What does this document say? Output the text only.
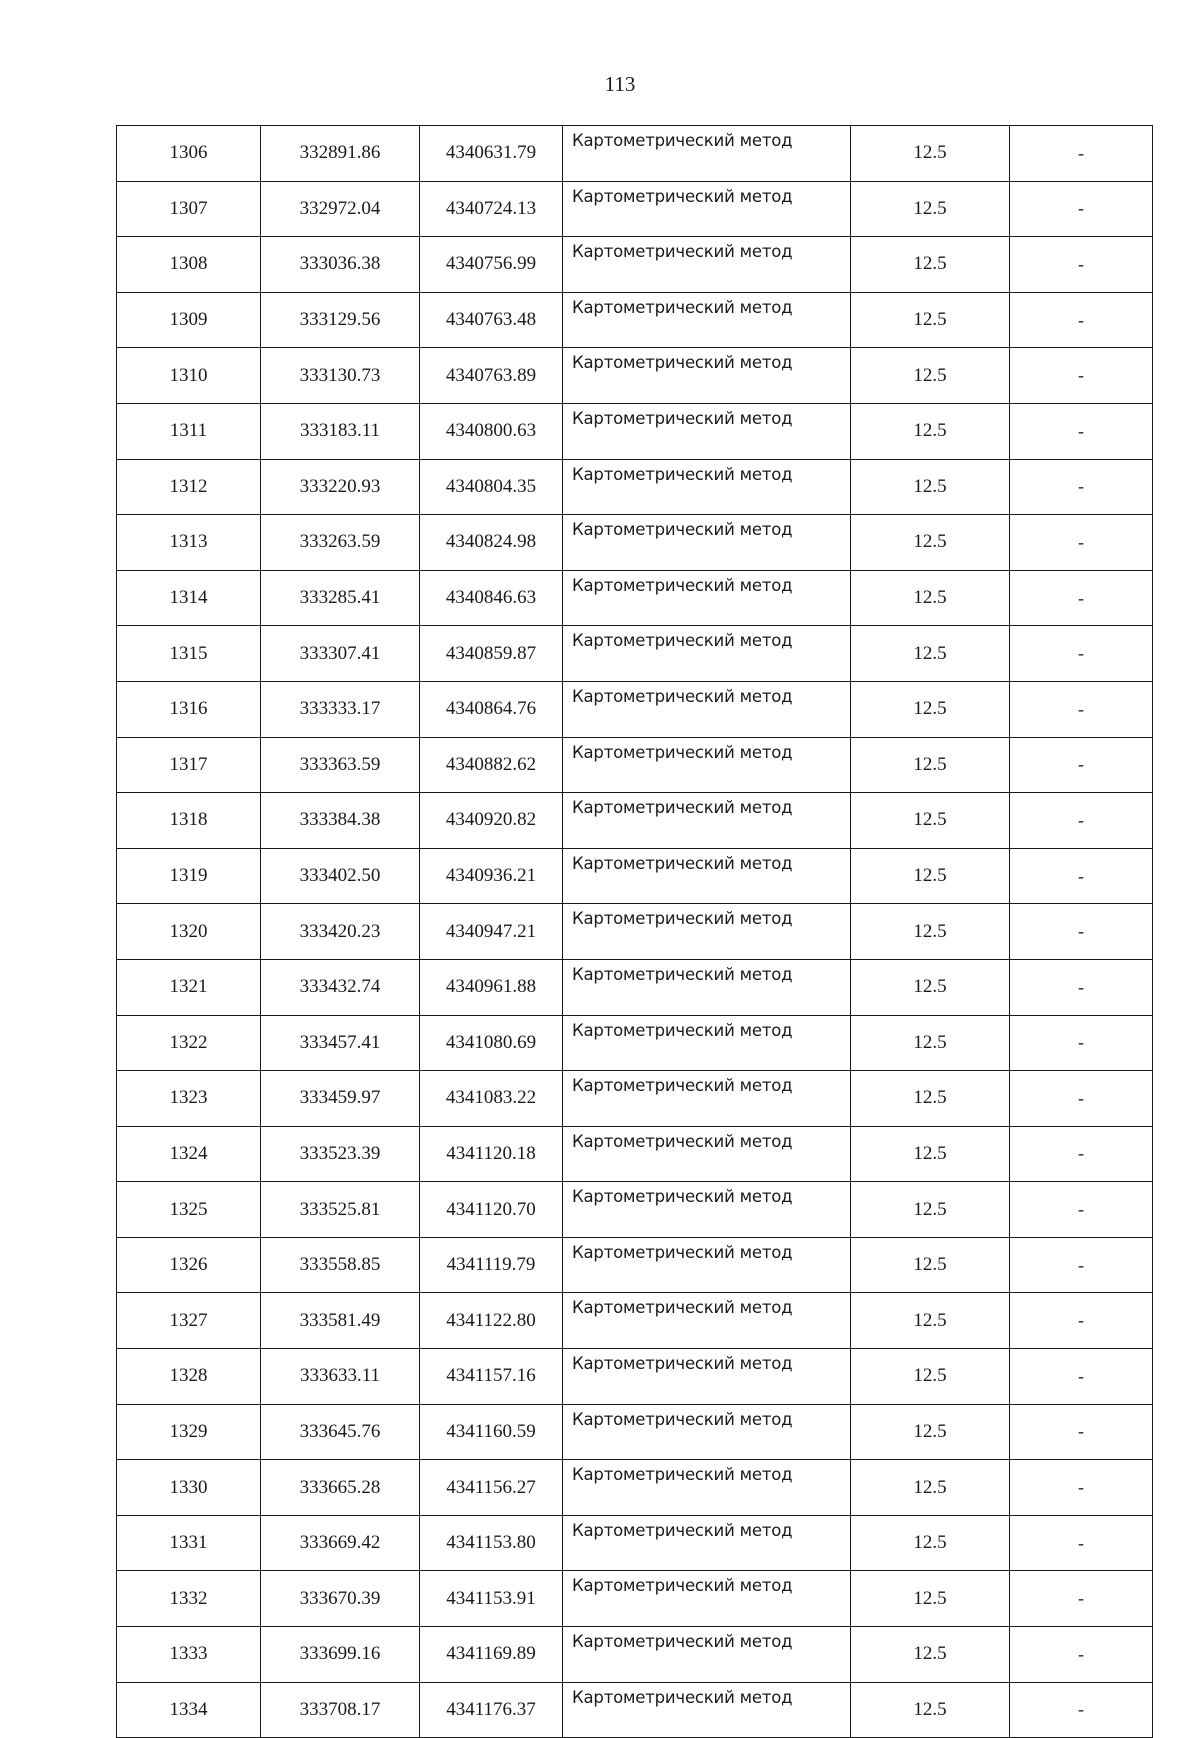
113
1306	332891.86	4340631.79	Картометрический метод	12.5	-
1307	332972.04	4340724.13	Картометрический метод	12.5	-
1308	333036.38	4340756.99	Картометрический метод	12.5	-
1309	333129.56	4340763.48	Картометрический метод	12.5	-
1310	333130.73	4340763.89	Картометрический метод	12.5	-
1311	333183.11	4340800.63	Картометрический метод	12.5	-
1312	333220.93	4340804.35	Картометрический метод	12.5	-
1313	333263.59	4340824.98	Картометрический метод	12.5	-
1314	333285.41	4340846.63	Картометрический метод	12.5	-
1315	333307.41	4340859.87	Картометрический метод	12.5	-
1316	333333.17	4340864.76	Картометрический метод	12.5	-
1317	333363.59	4340882.62	Картометрический метод	12.5	-
1318	333384.38	4340920.82	Картометрический метод	12.5	-
1319	333402.50	4340936.21	Картометрический метод	12.5	-
1320	333420.23	4340947.21	Картометрический метод	12.5	-
1321	333432.74	4340961.88	Картометрический метод	12.5	-
1322	333457.41	4341080.69	Картометрический метод	12.5	-
1323	333459.97	4341083.22	Картометрический метод	12.5	-
1324	333523.39	4341120.18	Картометрический метод	12.5	-
1325	333525.81	4341120.70	Картометрический метод	12.5	-
1326	333558.85	4341119.79	Картометрический метод	12.5	-
1327	333581.49	4341122.80	Картометрический метод	12.5	-
1328	333633.11	4341157.16	Картометрический метод	12.5	-
1329	333645.76	4341160.59	Картометрический метод	12.5	-
1330	333665.28	4341156.27	Картометрический метод	12.5	-
1331	333669.42	4341153.80	Картометрический метод	12.5	-
1332	333670.39	4341153.91	Картометрический метод	12.5	-
1333	333699.16	4341169.89	Картометрический метод	12.5	-
1334	333708.17	4341176.37	Картометрический метод	12.5	-
